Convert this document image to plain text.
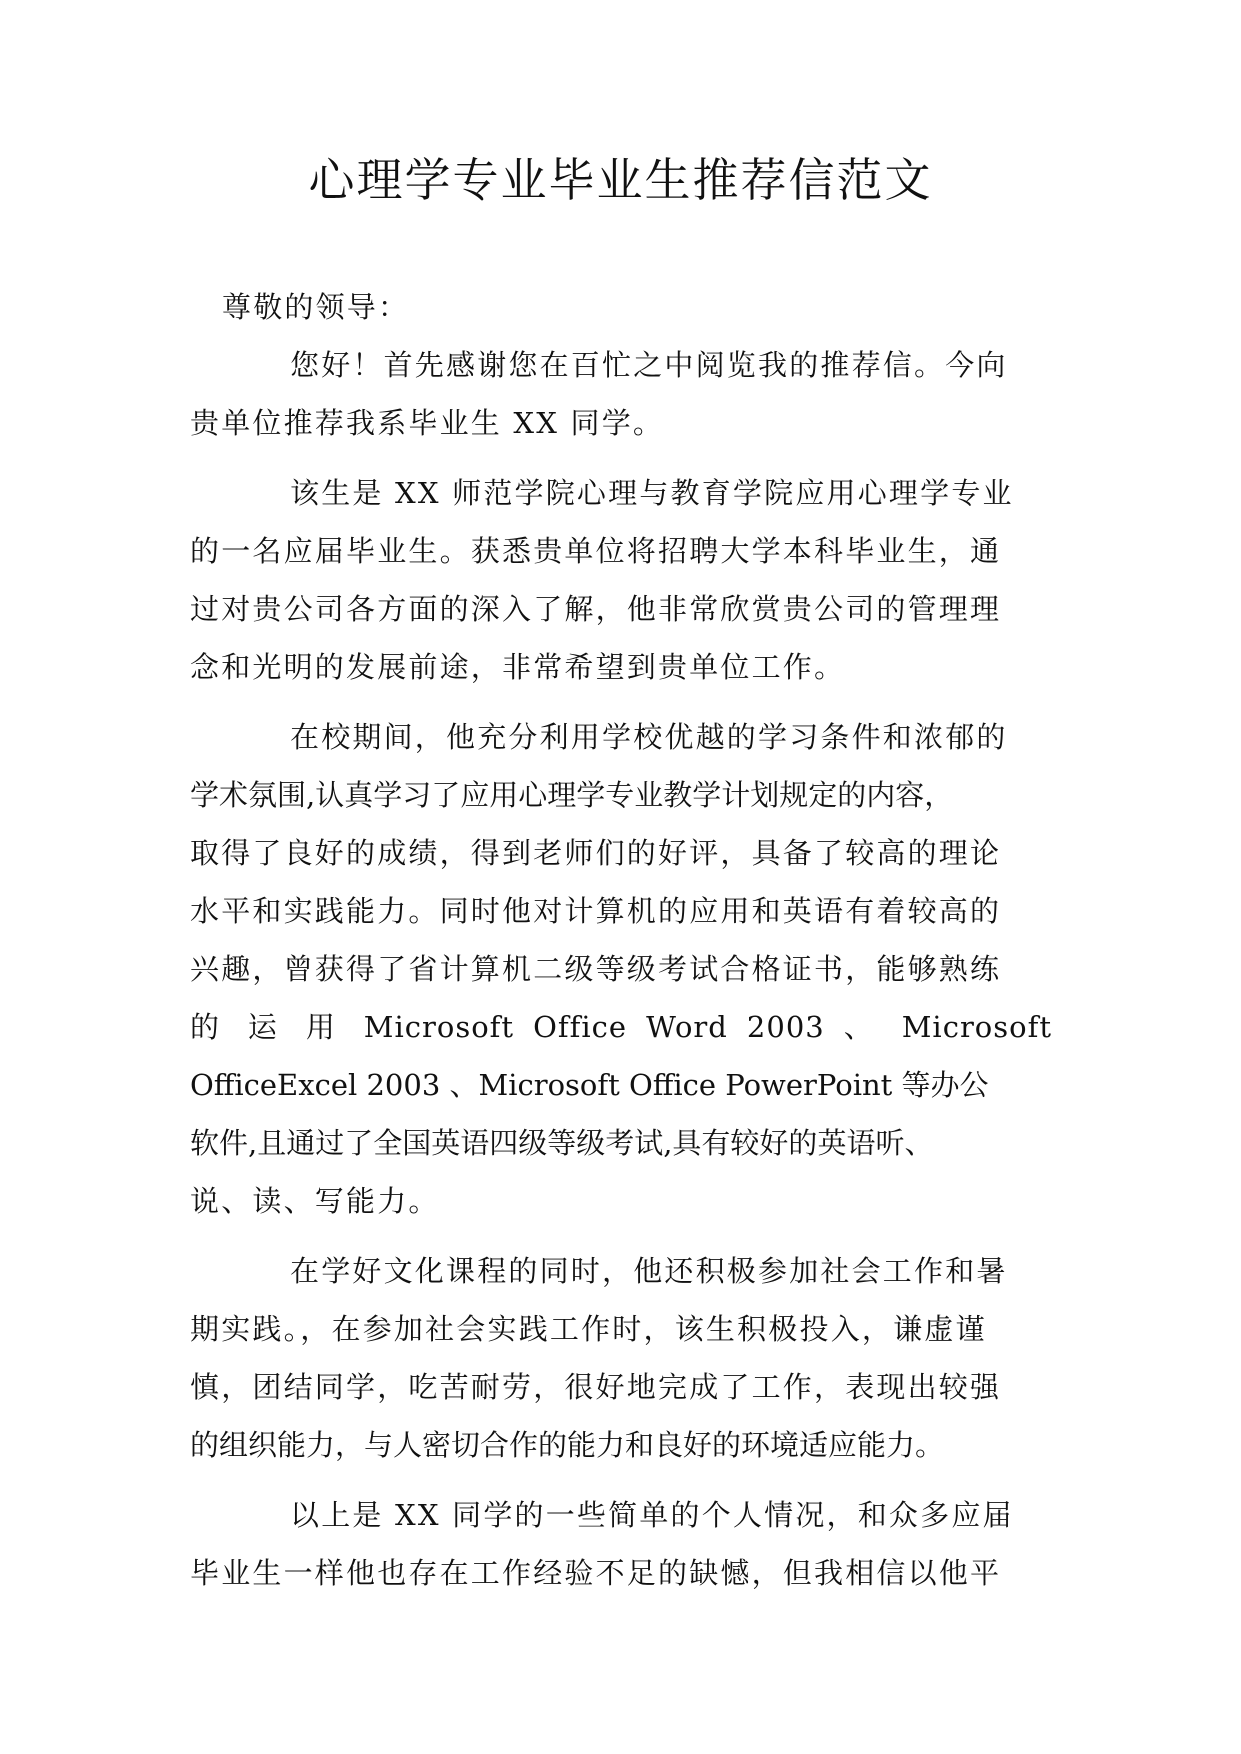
心理学专业毕业生推荐信范文

尊敬的领导：

您好！首先感谢您在百忙之中阅览我的推荐信。今向

贵单位推荐我系毕业生 XX 同学。

该生是 XX 师范学院心理与教育学院应用心理学专业

的一名应届毕业生。获悉贵单位将招聘大学本科毕业生，通

过对贵公司各方面的深入了解，他非常欣赏贵公司的管理理

念和光明的发展前途，非常希望到贵单位工作。

在校期间，他充分利用学校优越的学习条件和浓郁的

学术氛围,认真学习了应用心理学专业教学计划规定的内容，

取得了良好的成绩，得到老师们的好评，具备了较高的理论

水平和实践能力。同时他对计算机的应用和英语有着较高的

兴趣，曾获得了省计算机二级等级考试合格证书，能够熟练

的 运 用 Microsoft Office Word 2003 、 Microsoft

OfficeExcel 2003 、Microsoft Office PowerPoint 等办公

软件,且通过了全国英语四级等级考试,具有较好的英语听、

说、读、写能力。

在学好文化课程的同时，他还积极参加社会工作和暑

期实践。，在参加社会实践工作时，该生积极投入，谦虚谨

慎，团结同学，吃苦耐劳，很好地完成了工作，表现出较强

的组织能力，与人密切合作的能力和良好的环境适应能力。

以上是 XX 同学的一些简单的个人情况，和众多应届

毕业生一样他也存在工作经验不足的缺憾，但我相信以他平
